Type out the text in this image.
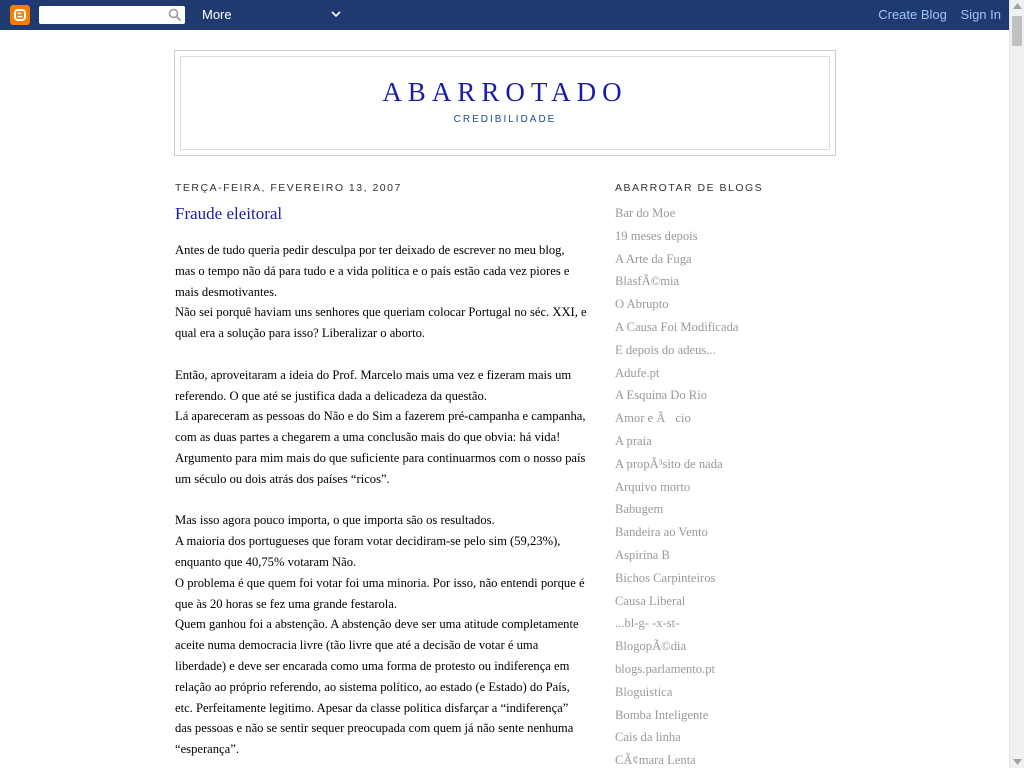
More	Create Blog Sign In
ABARROTADO
CREDIBILIDADE
TERÇA-FEIRA, FEVEREIRO 13, 2007
Fraude eleitoral

Antes de tudo queria pedir desculpa por ter deixado de escrever no meu blog, mas o tempo não dá para tudo e a vida politica e o país estão cada vez piores e mais desmotivantes.

Não sei porquê haviam uns senhores que queriam colocar Portugal no séc. XXI, e qual era a solução para isso? Liberalizar o aborto.

Então, aproveitaram a ideia do Prof. Marcelo mais uma vez e fizeram mais um referendo. O que até se justifica dada a delicadeza da questão.

Lá apareceram as pessoas do Não e do Sim a fazerem pré-campanha e campanha, com as duas partes a chegarem a uma conclusão mais do que obvia: há vida! Argumento para mim mais do que suficiente para continuarmos com o nosso país um século ou dois atrás dos países “ricos”.

Mas isso agora pouco importa, o que importa são os resultados.

A maioria dos portugueses que foram votar decidiram-se pelo sim (59,23%), enquanto que 40,75% votaram Não.

O problema é que quem foi votar foi uma minoria. Por isso, não entendi porque é que às 20 horas se fez uma grande festarola.

Quem ganhou foi a abstenção. A abstenção deve ser uma atitude completamente aceite numa democracia livre (tão livre que até a decisão de votar é uma liberdade) e deve ser encarada como uma forma de protesto ou indiferença em relação ao próprio referendo, ao sistema político, ao estado (e Estado) do País, etc. Perfeitamente legitimo. Apesar da classe politica disfarçar a “indiferença” das pessoas e não se sentir sequer preocupada com quem já não sente nenhuma “esperança”.

ABARROTAR DE BLOGS
Bar do Moe
19 meses depois
A Arte da Fuga
BlasfÃ©mia
O Abrupto
A Causa Foi Modificada
E depois do adeus...
Adufe.pt
A Esquina Do Rio
Amor e Ãcio
A praia
A propÃ³sito de nada
Arquivo morto
Babugem
Bandeira ao Vento
Aspirina B
Bichos Carpinteiros
Causa Liberal
...bl-g- -x-st-
BlogopÃ©dia
blogs.parlamento.pt
Bloguistica
Bomba Inteligente
Cais da linha
CÃ¢mara Lenta
